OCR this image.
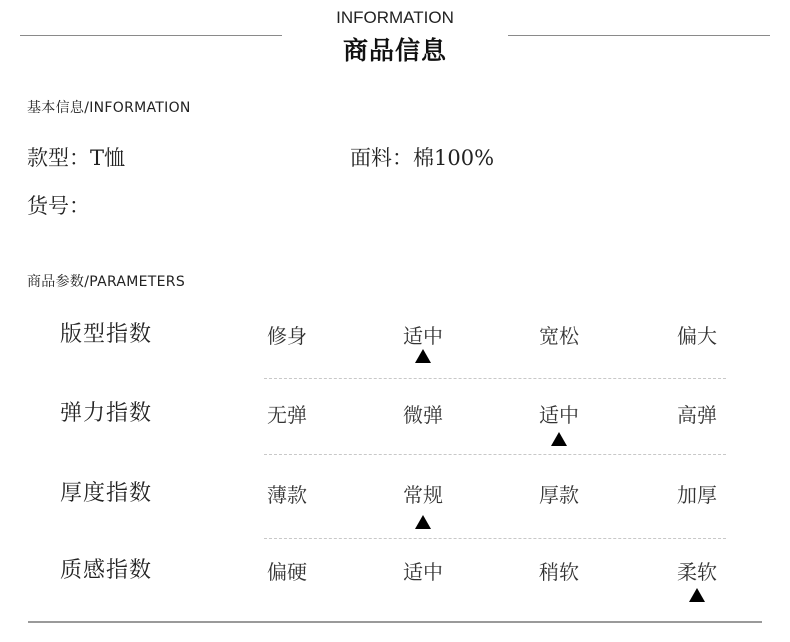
INFORMATION
商品信息
基本信息/INFORMATION
款型：T恤	面料：棉100%
货号：
商品参数/PARAMETERS
版型指数	修身	适中	宽松	偏大
弹力指数	无弹	微弹	适中	高弹
厚度指数	薄款	常规	厚款	加厚
质感指数	偏硬	适中	稍软	柔软
